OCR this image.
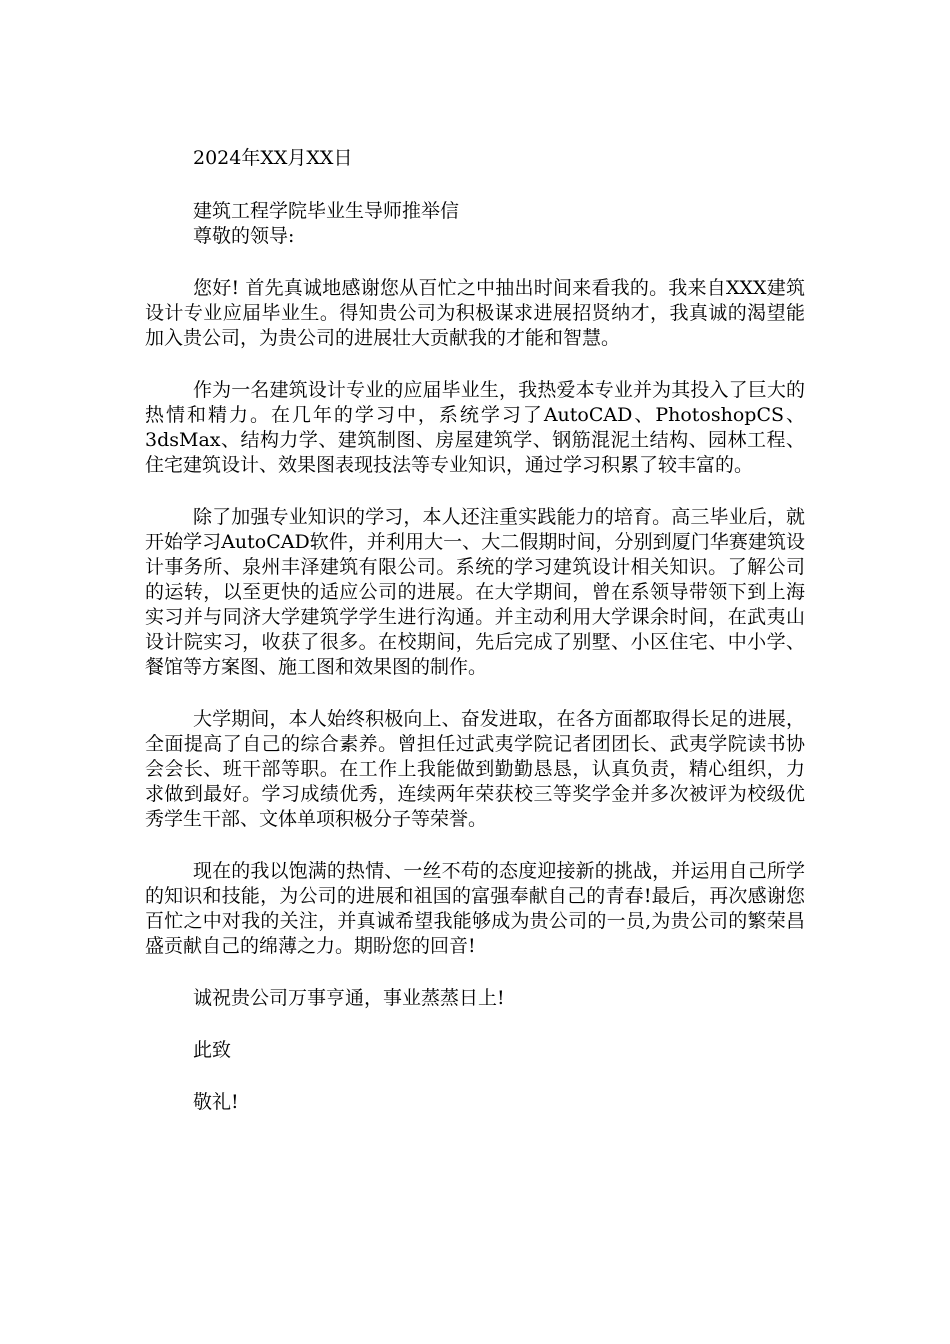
2024年XX月XX日

建筑工程学院毕业生导师推举信

尊敬的领导:

您好! 首先真诚地感谢您从百忙之中抽出时间来看我的。我来自XXX建筑设计专业应届毕业生。得知贵公司为积极谋求进展招贤纳才，我真诚的渴望能加入贵公司，为贵公司的进展壮大贡献我的才能和智慧。

作为一名建筑设计专业的应届毕业生，我热爱本专业并为其投入了巨大的热情和精力。在几年的学习中，系统学习了AutoCAD、PhotoshopCS、3dsMax、结构力学、建筑制图、房屋建筑学、钢筋混泥土结构、园林工程、住宅建筑设计、效果图表现技法等专业知识，通过学习积累了较丰富的。

除了加强专业知识的学习，本人还注重实践能力的培育。高三毕业后，就开始学习AutoCAD软件，并利用大一、大二假期时间，分别到厦门华赛建筑设计事务所、泉州丰泽建筑有限公司。系统的学习建筑设计相关知识。了解公司的运转，以至更快的适应公司的进展。在大学期间，曾在系领导带领下到上海实习并与同济大学建筑学学生进行沟通。并主动利用大学课余时间，在武夷山设计院实习，收获了很多。在校期间，先后完成了别墅、小区住宅、中小学、餐馆等方案图、施工图和效果图的制作。

大学期间，本人始终积极向上、奋发进取，在各方面都取得长足的进展，全面提高了自己的综合素养。曾担任过武夷学院记者团团长、武夷学院读书协会会长、班干部等职。在工作上我能做到勤勤恳恳，认真负责，精心组织，力求做到最好。学习成绩优秀，连续两年荣获校三等奖学金并多次被评为校级优秀学生干部、文体单项积极分子等荣誉。

现在的我以饱满的热情、一丝不苟的态度迎接新的挑战，并运用自己所学的知识和技能，为公司的进展和祖国的富强奉献自己的青春!最后，再次感谢您百忙之中对我的关注，并真诚希望我能够成为贵公司的一员,为贵公司的繁荣昌盛贡献自己的绵薄之力。期盼您的回音!

诚祝贵公司万事亨通，事业蒸蒸日上!

此致

敬礼!
